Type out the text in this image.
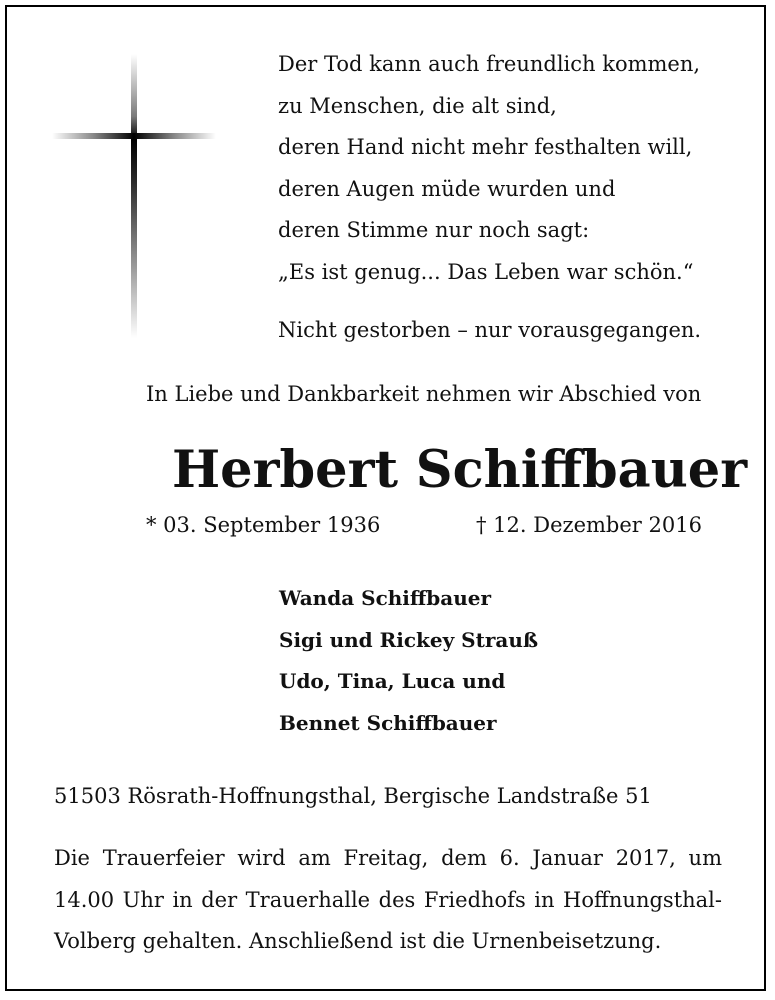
Der Tod kann auch freundlich kommen,
zu Menschen, die alt sind,
deren Hand nicht mehr festhalten will,
deren Augen müde wurden und
deren Stimme nur noch sagt:
„Es ist genug... Das Leben war schön.“
Nicht gestorben – nur vorausgegangen.
In Liebe und Dankbarkeit nehmen wir Abschied von
Herbert Schiffbauer
* 03. September 1936	† 12. Dezember 2016
Wanda Schiffbauer
Sigi und Rickey Strauß
Udo, Tina, Luca und
Bennet Schiffbauer
51503 Rösrath-Hoffnungsthal, Bergische Landstraße 51
Die Trauerfeier wird am Freitag, dem 6. Januar 2017, um
14.00 Uhr in der Trauerhalle des Friedhofs in Hoffnungsthal-
Volberg gehalten. Anschließend ist die Urnenbeisetzung.
